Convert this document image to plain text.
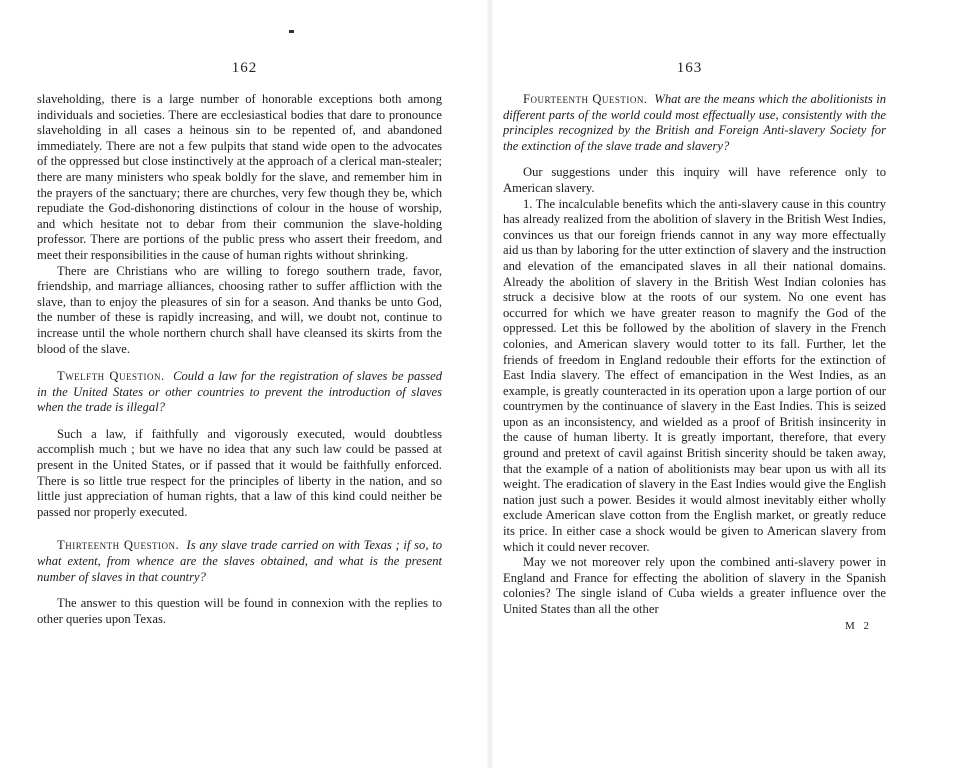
162

slaveholding, there is a large number of honorable exceptions both among individuals and societies. There are ecclesiastical bodies that dare to pronounce slaveholding in all cases a heinous sin to be repented of, and abandoned immediately. There are not a few pulpits that stand wide open to the advocates of the oppressed but close instinctively at the approach of a clerical man-stealer; there are many ministers who speak boldly for the slave, and remember him in the prayers of the sanctuary; there are churches, very few though they be, which repudiate the God-dishonoring distinctions of colour in the house of worship, and which hesitate not to debar from their communion the slave-holding professor. There are portions of the public press who assert their freedom, and meet their responsibilities in the cause of human rights without shrinking.

There are Christians who are willing to forego southern trade, favor, friendship, and marriage alliances, choosing rather to suffer affliction with the slave, than to enjoy the pleasures of sin for a season. And thanks be unto God, the number of these is rapidly increasing, and will, we doubt not, continue to increase until the whole northern church shall have cleansed its skirts from the blood of the slave.

Twelfth Question. Could a law for the registration of slaves be passed in the United States or other countries to prevent the introduction of slaves when the trade is illegal?

Such a law, if faithfully and vigorously executed, would doubtless accomplish much ; but we have no idea that any such law could be passed at present in the United States, or if passed that it would be faithfully enforced. There is so little true respect for the principles of liberty in the nation, and so little just appreciation of human rights, that a law of this kind could neither be passed nor properly executed.

Thirteenth Question. Is any slave trade carried on with Texas ; if so, to what extent, from whence are the slaves obtained, and what is the present number of slaves in that country?

The answer to this question will be found in connexion with the replies to other queries upon Texas.

163

Fourteenth Question. What are the means which the abolitionists in different parts of the world could most effectually use, consistently with the principles recognized by the British and Foreign Anti-slavery Society for the extinction of the slave trade and slavery?

Our suggestions under this inquiry will have reference only to American slavery.

1. The incalculable benefits which the anti-slavery cause in this country has already realized from the abolition of slavery in the British West Indies, convinces us that our foreign friends cannot in any way more effectually aid us than by laboring for the utter extinction of slavery and the instruction and elevation of the emancipated slaves in all their national domains. Already the abolition of slavery in the British West Indian colonies has struck a decisive blow at the roots of our system. No one event has occurred for which we have greater reason to magnify the God of the oppressed. Let this be followed by the abolition of slavery in the French colonies, and American slavery would totter to its fall. Further, let the friends of freedom in England redouble their efforts for the extinction of East India slavery. The effect of emancipation in the West Indies, as an example, is greatly counteracted in its operation upon a large portion of our countrymen by the continuance of slavery in the East Indies. This is seized upon as an inconsistency, and wielded as a proof of British insincerity in the cause of human liberty. It is greatly important, therefore, that every ground and pretext of cavil against British sincerity should be taken away, that the example of a nation of abolitionists may bear upon us with all its weight. The eradication of slavery in the East Indies would give the English nation just such a power. Besides it would almost inevitably either wholly exclude American slave cotton from the English market, or greatly reduce its price. In either case a shock would be given to American slavery from which it could never recover.

May we not moreover rely upon the combined anti-slavery power in England and France for effecting the abolition of slavery in the Spanish colonies? The single island of Cuba wields a greater influence over the United States than all the other

M 2
